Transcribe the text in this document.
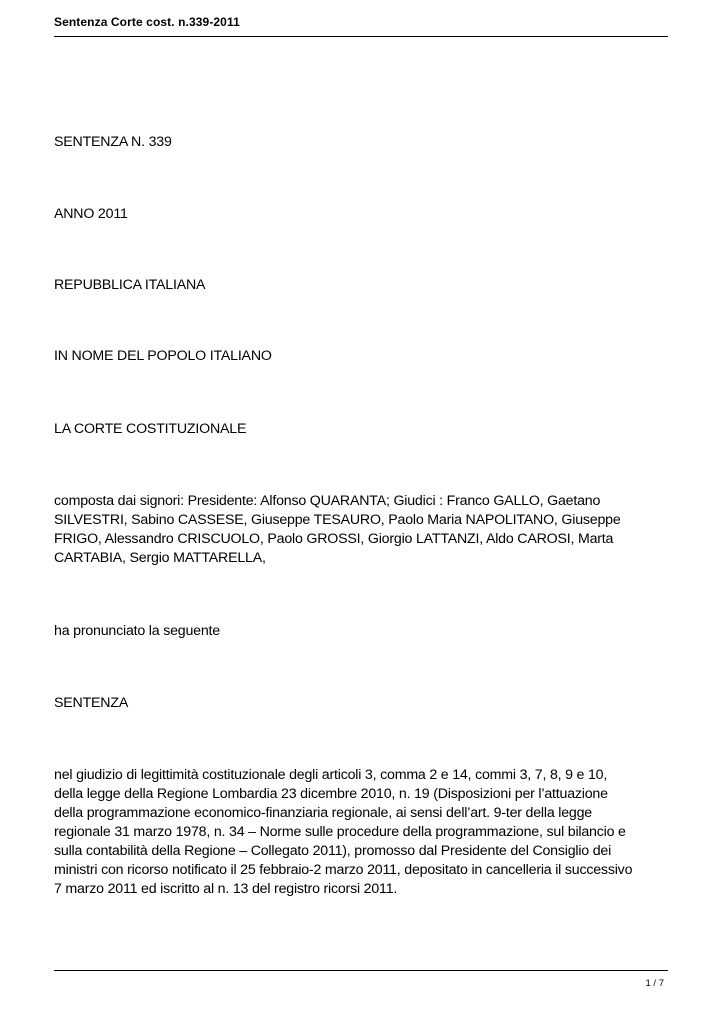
Sentenza Corte cost. n.339-2011
SENTENZA N. 339
ANNO 2011
REPUBBLICA ITALIANA
IN NOME DEL POPOLO ITALIANO
LA CORTE COSTITUZIONALE
composta dai signori: Presidente: Alfonso QUARANTA; Giudici : Franco GALLO, Gaetano
SILVESTRI, Sabino CASSESE, Giuseppe TESAURO, Paolo Maria NAPOLITANO, Giuseppe
FRIGO, Alessandro CRISCUOLO, Paolo GROSSI, Giorgio LATTANZI, Aldo CAROSI, Marta
CARTABIA, Sergio MATTARELLA,
ha pronunciato la seguente
SENTENZA
nel giudizio di legittimità costituzionale degli articoli 3, comma 2 e 14, commi 3, 7, 8, 9 e 10,
della legge della Regione Lombardia 23 dicembre 2010, n. 19 (Disposizioni per l’attuazione
della programmazione economico-finanziaria regionale, ai sensi dell’art. 9-ter della legge
regionale 31 marzo 1978, n. 34 – Norme sulle procedure della programmazione, sul bilancio e
sulla contabilità della Regione – Collegato 2011), promosso dal Presidente del Consiglio dei
ministri con ricorso notificato il 25 febbraio-2 marzo 2011, depositato in cancelleria il successivo
7 marzo 2011 ed iscritto al n. 13 del registro ricorsi 2011.
1 / 7
